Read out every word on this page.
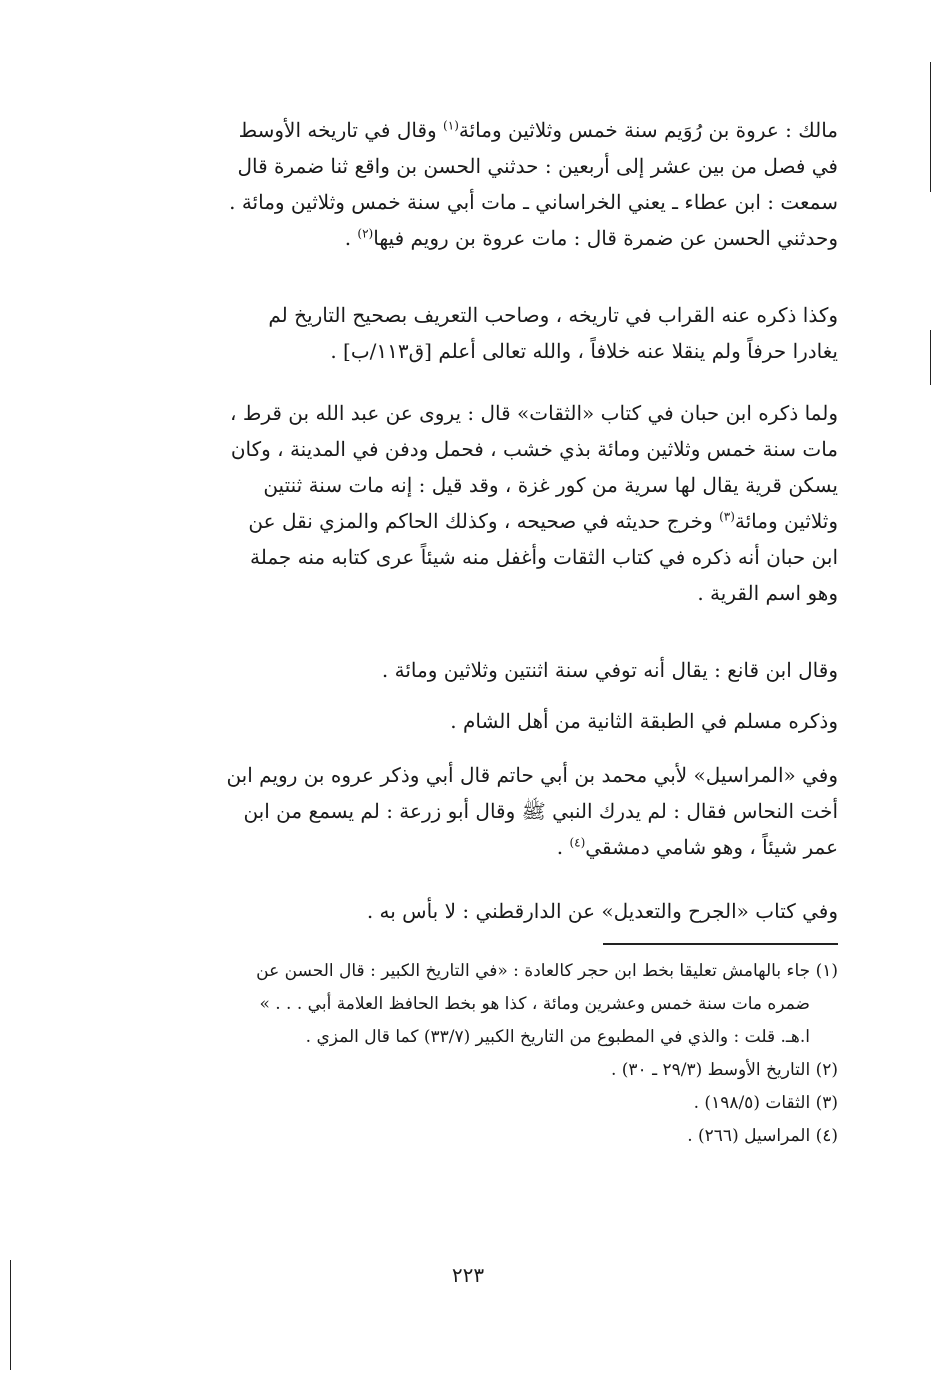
مالك : عروة بن رُوَيم سنة خمس وثلاثين ومائة$^{(١)}$ وقال في تاريخه الأوسط
في فصل من بين عشر إلى أربعين : حدثني الحسن بن واقع ثنا ضمرة قال
سمعت : ابن عطاء ـ يعني الخراساني ـ مات أبي سنة خمس وثلاثين ومائة .
وحدثني الحسن عن ضمرة قال : مات عروة بن رويم فيها$^{(٢)}$ .
وكذا ذكره عنه القراب في تاريخه ، وصاحب التعريف بصحيح التاريخ لم
يغادرا حرفاً ولم ينقلا عنه خلافاً ، والله تعالى أعلم [ق١١٣/ب] .
ولما ذكره ابن حبان في كتاب «الثقات» قال : يروى عن عبد الله بن قرط ،
مات سنة خمس وثلاثين ومائة بذي خشب ، فحمل ودفن في المدينة ، وكان
يسكن قرية يقال لها سرية من كور غزة ، وقد قيل : إنه مات سنة ثنتين
وثلاثين ومائة$^{(٣)}$ وخرج حديثه في صحيحه ، وكذلك الحاكم والمزي نقل عن
ابن حبان أنه ذكره في كتاب الثقات وأغفل منه شيئاً عرى كتابه منه جملة
وهو اسم القرية .
وقال ابن قانع : يقال أنه توفي سنة اثنتين وثلاثين ومائة .
وذكره مسلم في الطبقة الثانية من أهل الشام .
وفي «المراسيل» لأبي محمد بن أبي حاتم قال أبي وذكر عروه بن رويم ابن
أخت النحاس فقال : لم يدرك النبي ﷺ وقال أبو زرعة : لم يسمع من ابن
عمر شيئاً ، وهو شامي دمشقي$^{(٤)}$ .
وفي كتاب «الجرح والتعديل» عن الدارقطني : لا بأس به .
(١) جاء بالهامش تعليقا بخط ابن حجر كالعادة : «في التاريخ الكبير : قال الحسن عن
ضمره مات سنة خمس وعشرين ومائة ، كذا هو بخط الحافظ العلامة أبي . . . »
ا.هـ. قلت : والذي في المطبوع من التاريخ الكبير (٣٣/٧) كما قال المزي .
(٢) التاريخ الأوسط (٢٩/٣ ـ ٣٠) .
(٣) الثقات (١٩٨/٥) .
(٤) المراسيل (٢٦٦) .
٢٢٣
